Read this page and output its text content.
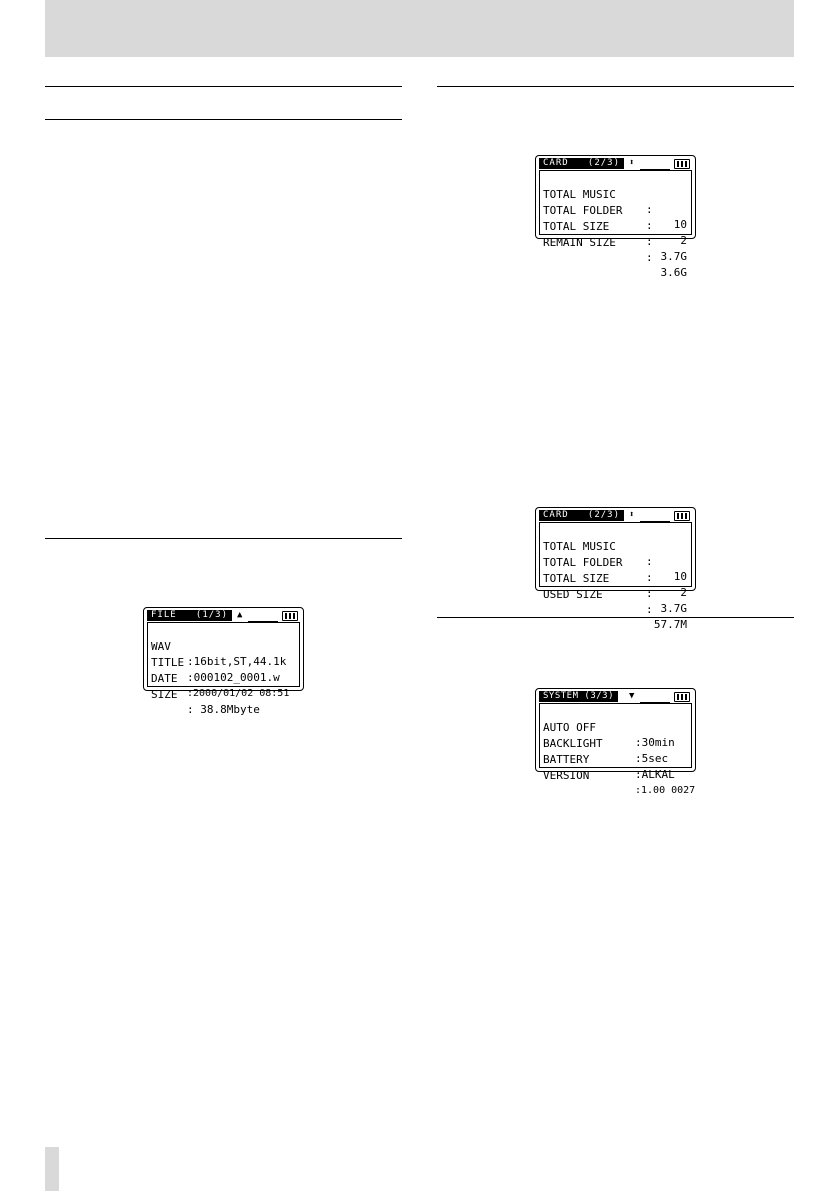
FILE   (1/3) ▲

WAV

:16bit,ST,44.1k

TITLE

:000102_0001.w

DATE

:2000/01/02 08:51

SIZE

: 38.8Mbyte

CARD   (2/3) ⬍

TOTAL MUSIC

:

10

TOTAL FOLDER

:

2

TOTAL SIZE

:

3.7G

REMAIN SIZE

:

3.6G

CARD   (2/3) ⬍

TOTAL MUSIC

:

10

TOTAL FOLDER

:

2

TOTAL SIZE

:

3.7G

USED SIZE

:

57.7M

SYSTEM (3/3)	▼

AUTO OFF

:30min

BACKLIGHT

:5sec

BATTERY

:ALKAL

VERSION

:1.00 0027
